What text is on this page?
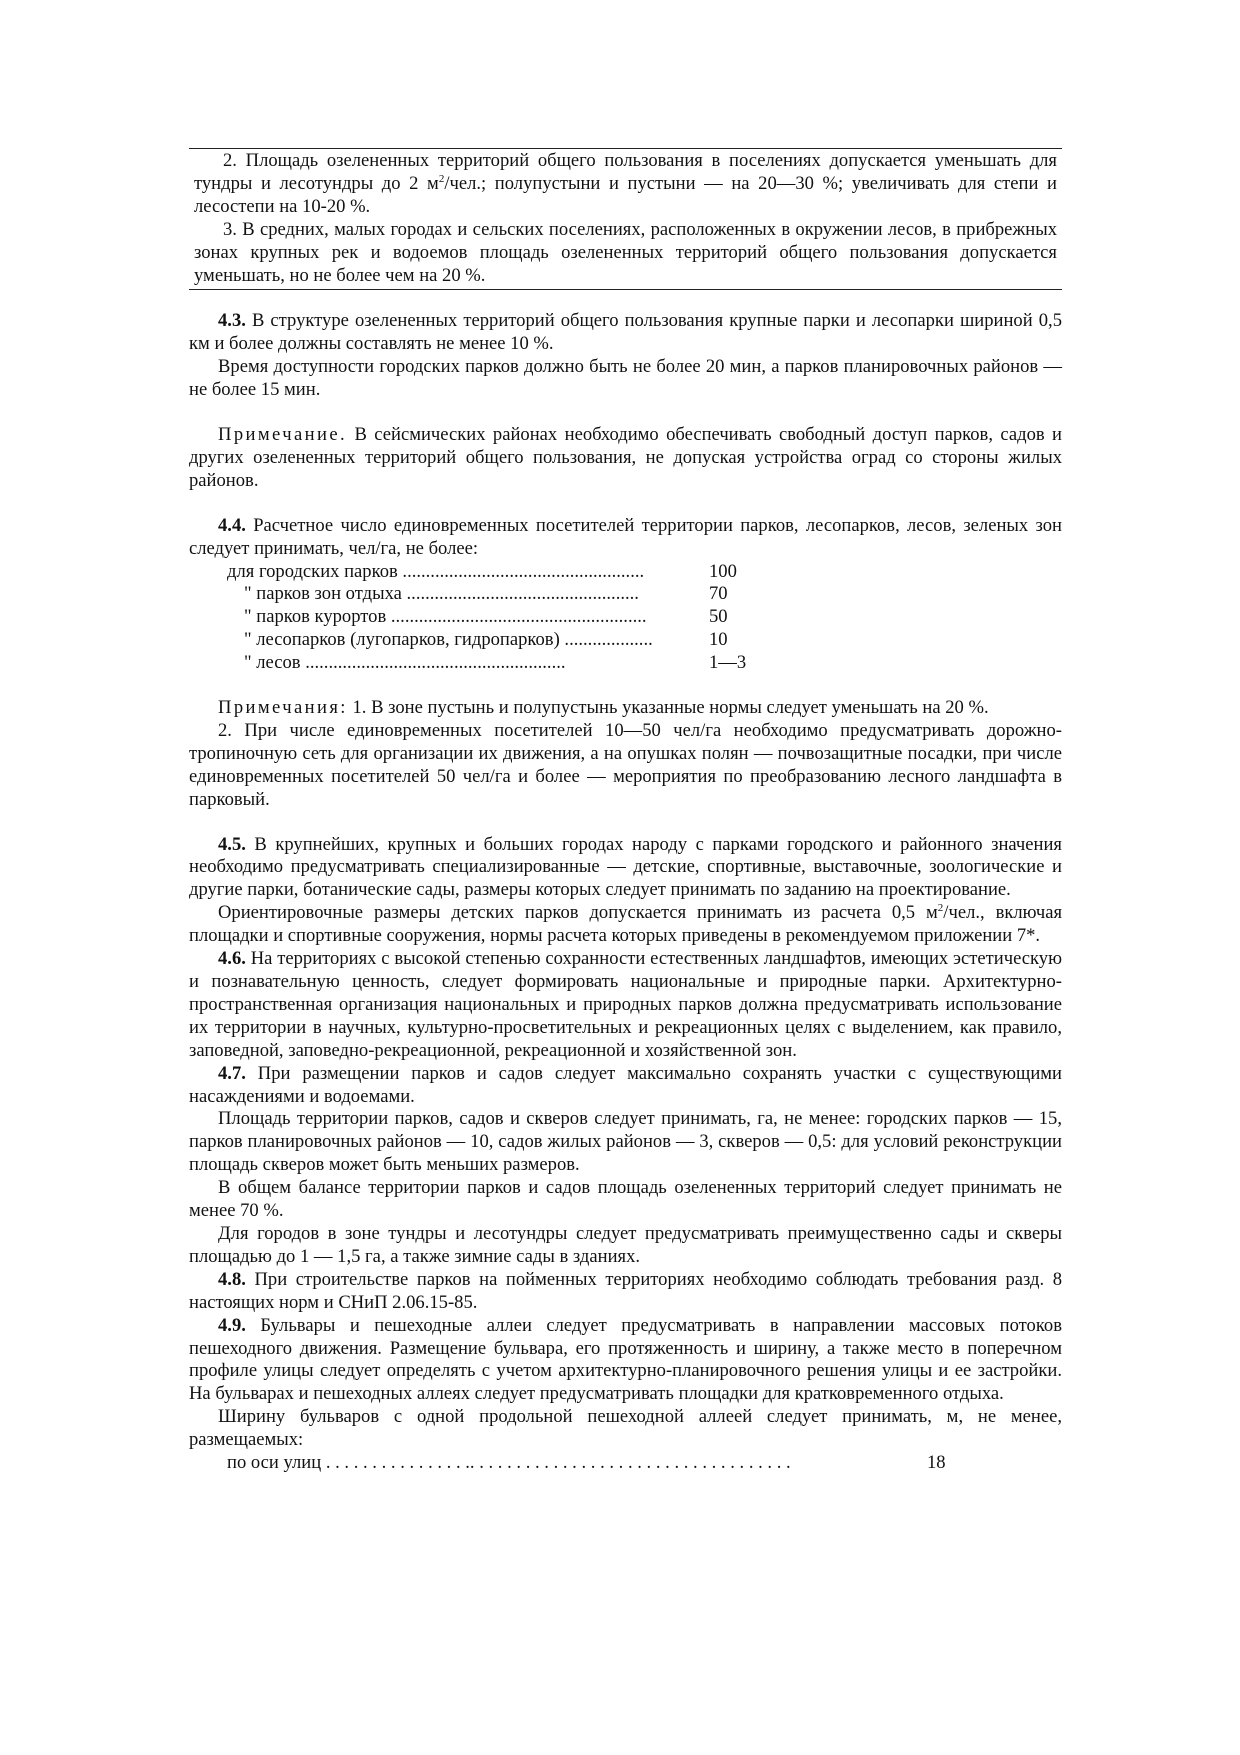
2. Площадь озелененных территорий общего пользования в поселениях допускается уменьшать для тундры и лесотундры до 2 $м^2$/чел.; полупустыни и пустыни — на 20—30 %; увеличивать для степи и лесостепи на 10-20 %.

3. В средних, малых городах и сельских поселениях, расположенных в окружении лесов, в прибрежных зонах крупных рек и водоемов площадь озелененных территорий общего пользования допускается уменьшать, но не более чем на 20 %.

4.3. В структуре озелененных территорий общего пользования крупные парки и лесопарки шириной 0,5 км и более должны составлять не менее 10 %.

Время доступности городских парков должно быть не более 20 мин, а парков планировочных районов — не более 15 мин.

Примечание. В сейсмических районах необходимо обеспечивать свободный доступ парков, садов и других озелененных территорий общего пользования, не допуская устройства оград со стороны жилых районов.

4.4. Расчетное число единовременных посетителей территории парков, лесопарков, лесов, зеленых зон следует принимать, чел/га, не более:

для городских парков ....................................................	100
" парков зон отдыха ..................................................	70
" парков курортов .......................................................	50
" лесопарков (лугопарков, гидропарков) ...................	10
" лесов ........................................................	1—3

Примечания: 1. В зоне пустынь и полупустынь указанные нормы следует уменьшать на 20 %.

2. При числе единовременных посетителей 10—50 чел/га необходимо предусматривать дорожно-тропиночную сеть для организации их движения, а на опушках полян — почвозащитные посадки, при числе единовременных посетителей 50 чел/га и более — мероприятия по преобразованию лесного ландшафта в парковый.

4.5. В крупнейших, крупных и больших городах народу с парками городского и районного значения необходимо предусматривать специализированные — детские, спортивные, выставочные, зоологические и другие парки, ботанические сады, размеры которых следует принимать по заданию на проектирование.

Ориентировочные размеры детских парков допускается принимать из расчета 0,5 $м^2$/чел., включая площадки и спортивные сооружения, нормы расчета которых приведены в рекомендуемом приложении 7*.

4.6. На территориях с высокой степенью сохранности естественных ландшафтов, имеющих эстетическую и познавательную ценность, следует формировать национальные и природные парки. Архитектурно-пространственная организация национальных и природных парков должна предусматривать использование их территории в научных, культурно-просветительных и рекреационных целях с выделением, как правило, заповедной, заповедно-рекреационной, рекреационной и хозяйственной зон.

4.7. При размещении парков и садов следует максимально сохранять участки с существующими насаждениями и водоемами.

Площадь территории парков, садов и скверов следует принимать, га, не менее: городских парков — 15, парков планировочных районов — 10, садов жилых районов — 3, скверов — 0,5: для условий реконструкции площадь скверов может быть меньших размеров.

В общем балансе территории парков и садов площадь озелененных территорий следует принимать не менее 70 %.

Для городов в зоне тундры и лесотундры следует предусматривать преимущественно сады и скверы площадью до 1 — 1,5 га, а также зимние сады в зданиях.

4.8. При строительстве парков на пойменных территориях необходимо соблюдать требования разд. 8 настоящих норм и СНиП 2.06.15-85.

4.9. Бульвары и пешеходные аллеи следует предусматривать в направлении массовых потоков пешеходного движения. Размещение бульвара, его протяженность и ширину, а также место в поперечном профиле улицы следует определять с учетом архитектурно-планировочного решения улицы и ее застройки. На бульварах и пешеходных аллеях следует предусматривать площадки для кратковременного отдыха.

Ширину бульваров с одной продольной пешеходной аллеей следует принимать, м, не менее, размещаемых:

по оси улиц . . . . . . . . . . . . . . . .. . . . . . . . . . . . . . . . . . . . . . . . . . . . . . . . . . .	18
